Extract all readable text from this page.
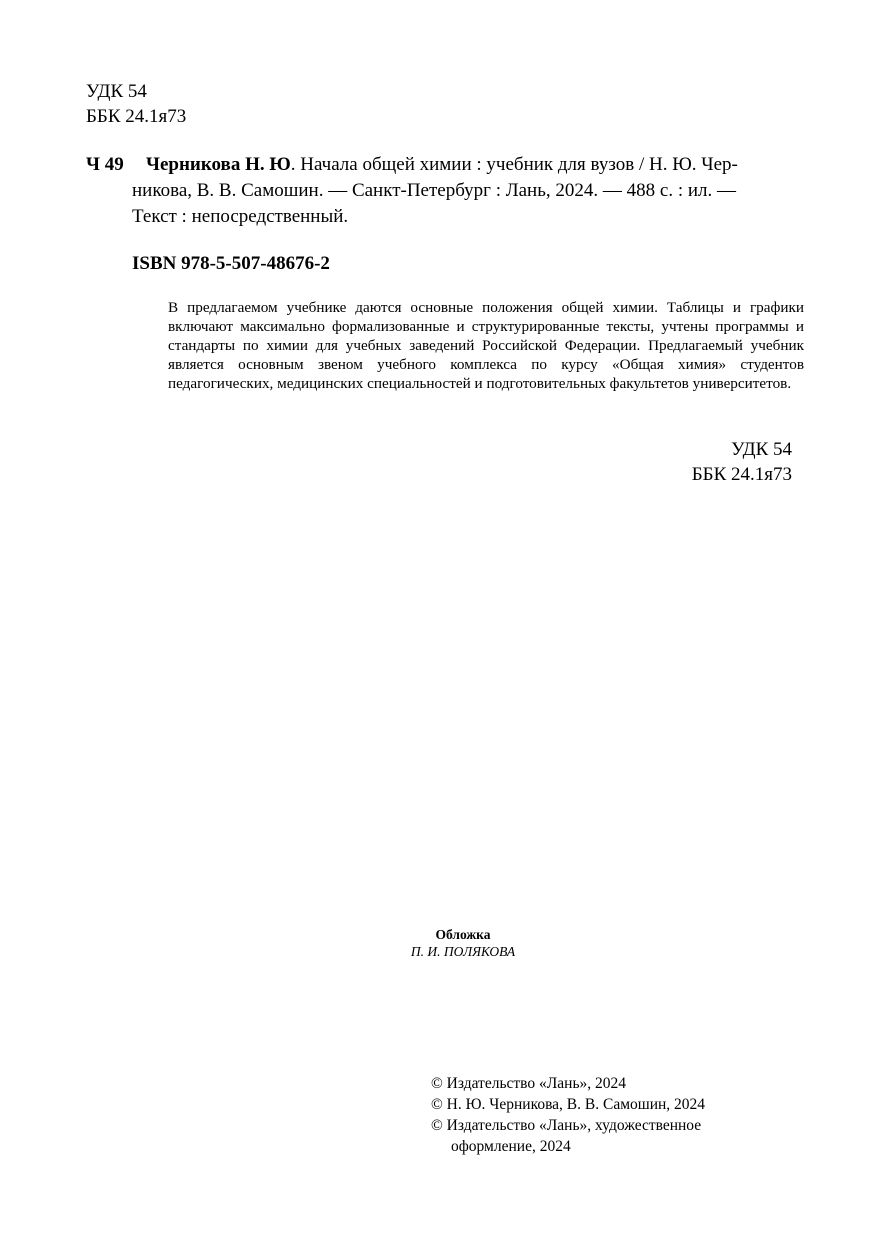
УДК 54
ББК 24.1я73
Ч 49 Черникова Н. Ю. Начала общей химии : учебник для вузов / Н. Ю. Чер-
никова, В. В. Самошин. — Санкт-Петербург : Лань, 2024. — 488 с. : ил. —
Текст : непосредственный.
ISBN 978-5-507-48676-2
В предлагаемом учебнике даются основные положения общей химии. Таблицы и графики включают максимально формализованные и структурированные тексты, учтены программы и стандарты по химии для учебных заведений Российской Федерации. Предлагаемый учебник является основным звеном учебного комплекса по курсу «Общая химия» студентов педагогических, медицинских специальностей и подготовительных факультетов университетов.
УДК 54
ББК 24.1я73
Обложка
П. И. ПОЛЯКОВА
© Издательство «Лань», 2024
© Н. Ю. Черникова, В. В. Самошин, 2024
© Издательство «Лань», художественное
оформление, 2024
